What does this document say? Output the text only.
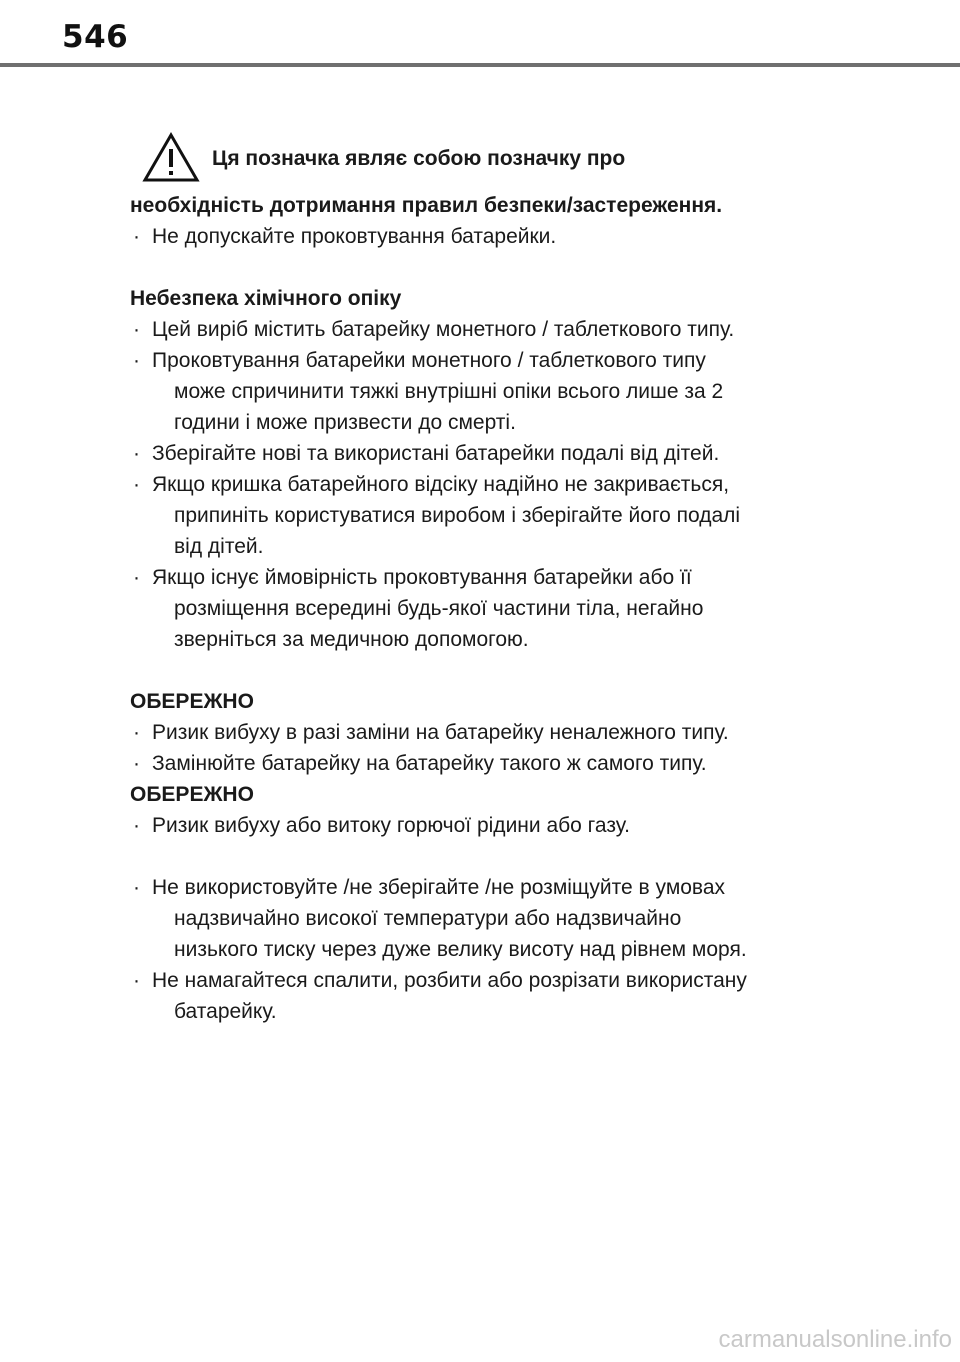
546
Ця позначка являє собою позначку про
необхідність дотримання правил безпеки/застереження.
· Не допускайте проковтування батарейки.
Небезпека хімічного опіку
· Цей виріб містить батарейку монетного / таблеткового типу.
· Проковтування батарейки монетного / таблеткового типу
може спричинити тяжкі внутрішні опіки всього лише за 2
години і може призвести до смерті.
· Зберігайте нові та використані батарейки подалі від дітей.
· Якщо кришка батарейного відсіку надійно не закривається,
припиніть користуватися виробом і зберігайте його подалі
від дітей.
· Якщо існує ймовірність проковтування батарейки або її
розміщення всередині будь-якої частини тіла, негайно
зверніться за медичною допомогою.
ОБЕРЕЖНО
· Ризик вибуху в разі заміни на батарейку неналежного типу.
· Замінюйте батарейку на батарейку такого ж самого типу.
ОБЕРЕЖНО
· Ризик вибуху або витоку горючої рідини або газу.
· Не використовуйте /не зберігайте /не розміщуйте в умовах
надзвичайно високої температури або надзвичайно
низького тиску через дуже велику висоту над рівнем моря.
· Не намагайтеся спалити, розбити або розрізати використану
батарейку.
carmanualsonline.info
